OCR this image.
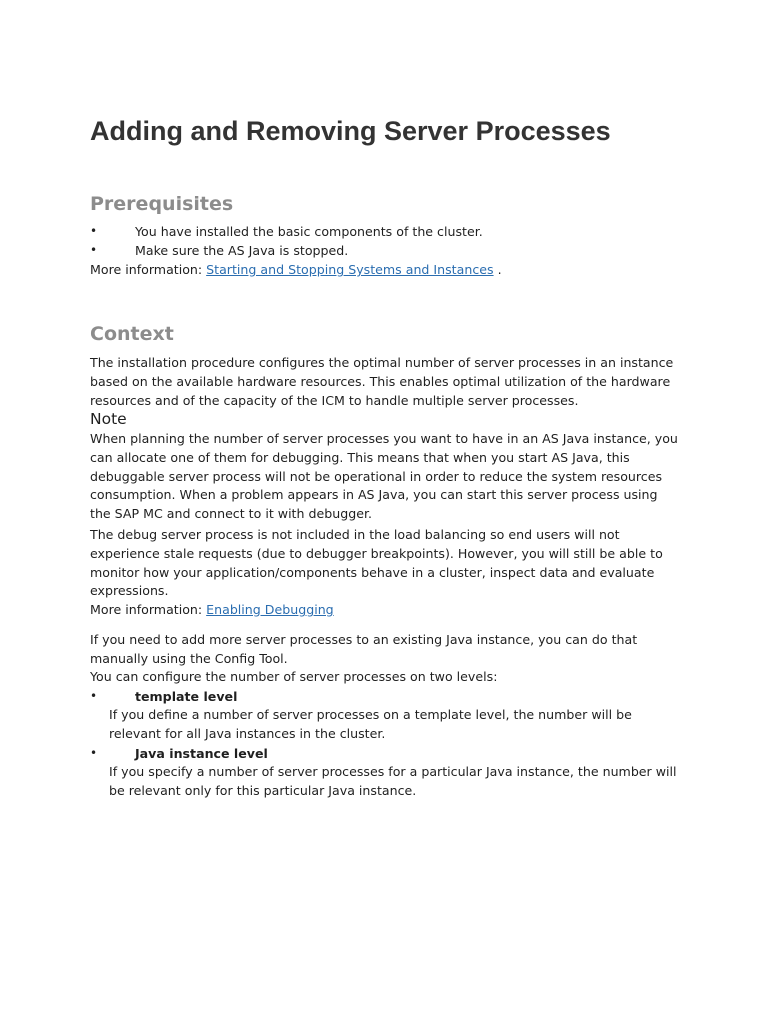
Adding and Removing Server Processes
Prerequisites
•	You have installed the basic components of the cluster.
•	Make sure the AS Java is stopped.

More information: Starting and Stopping Systems and Instances .

Context

The installation procedure configures the optimal number of server processes in an instance based on the available hardware resources. This enables optimal utilization of the hardware resources and of the capacity of the ICM to handle multiple server processes.

Note

When planning the number of server processes you want to have in an AS Java instance, you can allocate one of them for debugging. This means that when you start AS Java, this debuggable server process will not be operational in order to reduce the system resources consumption. When a problem appears in AS Java, you can start this server process using the SAP MC and connect to it with debugger.

The debug server process is not included in the load balancing so end users will not experience stale requests (due to debugger breakpoints). However, you will still be able to monitor how your application/components behave in a cluster, inspect data and evaluate expressions.

More information: Enabling Debugging

If you need to add more server processes to an existing Java instance, you can do that manually using the Config Tool.

You can configure the number of server processes on two levels:

•	template level

If you define a number of server processes on a template level, the number will be relevant for all Java instances in the cluster.

•	Java instance level

If you specify a number of server processes for a particular Java instance, the number will be relevant only for this particular Java instance.
